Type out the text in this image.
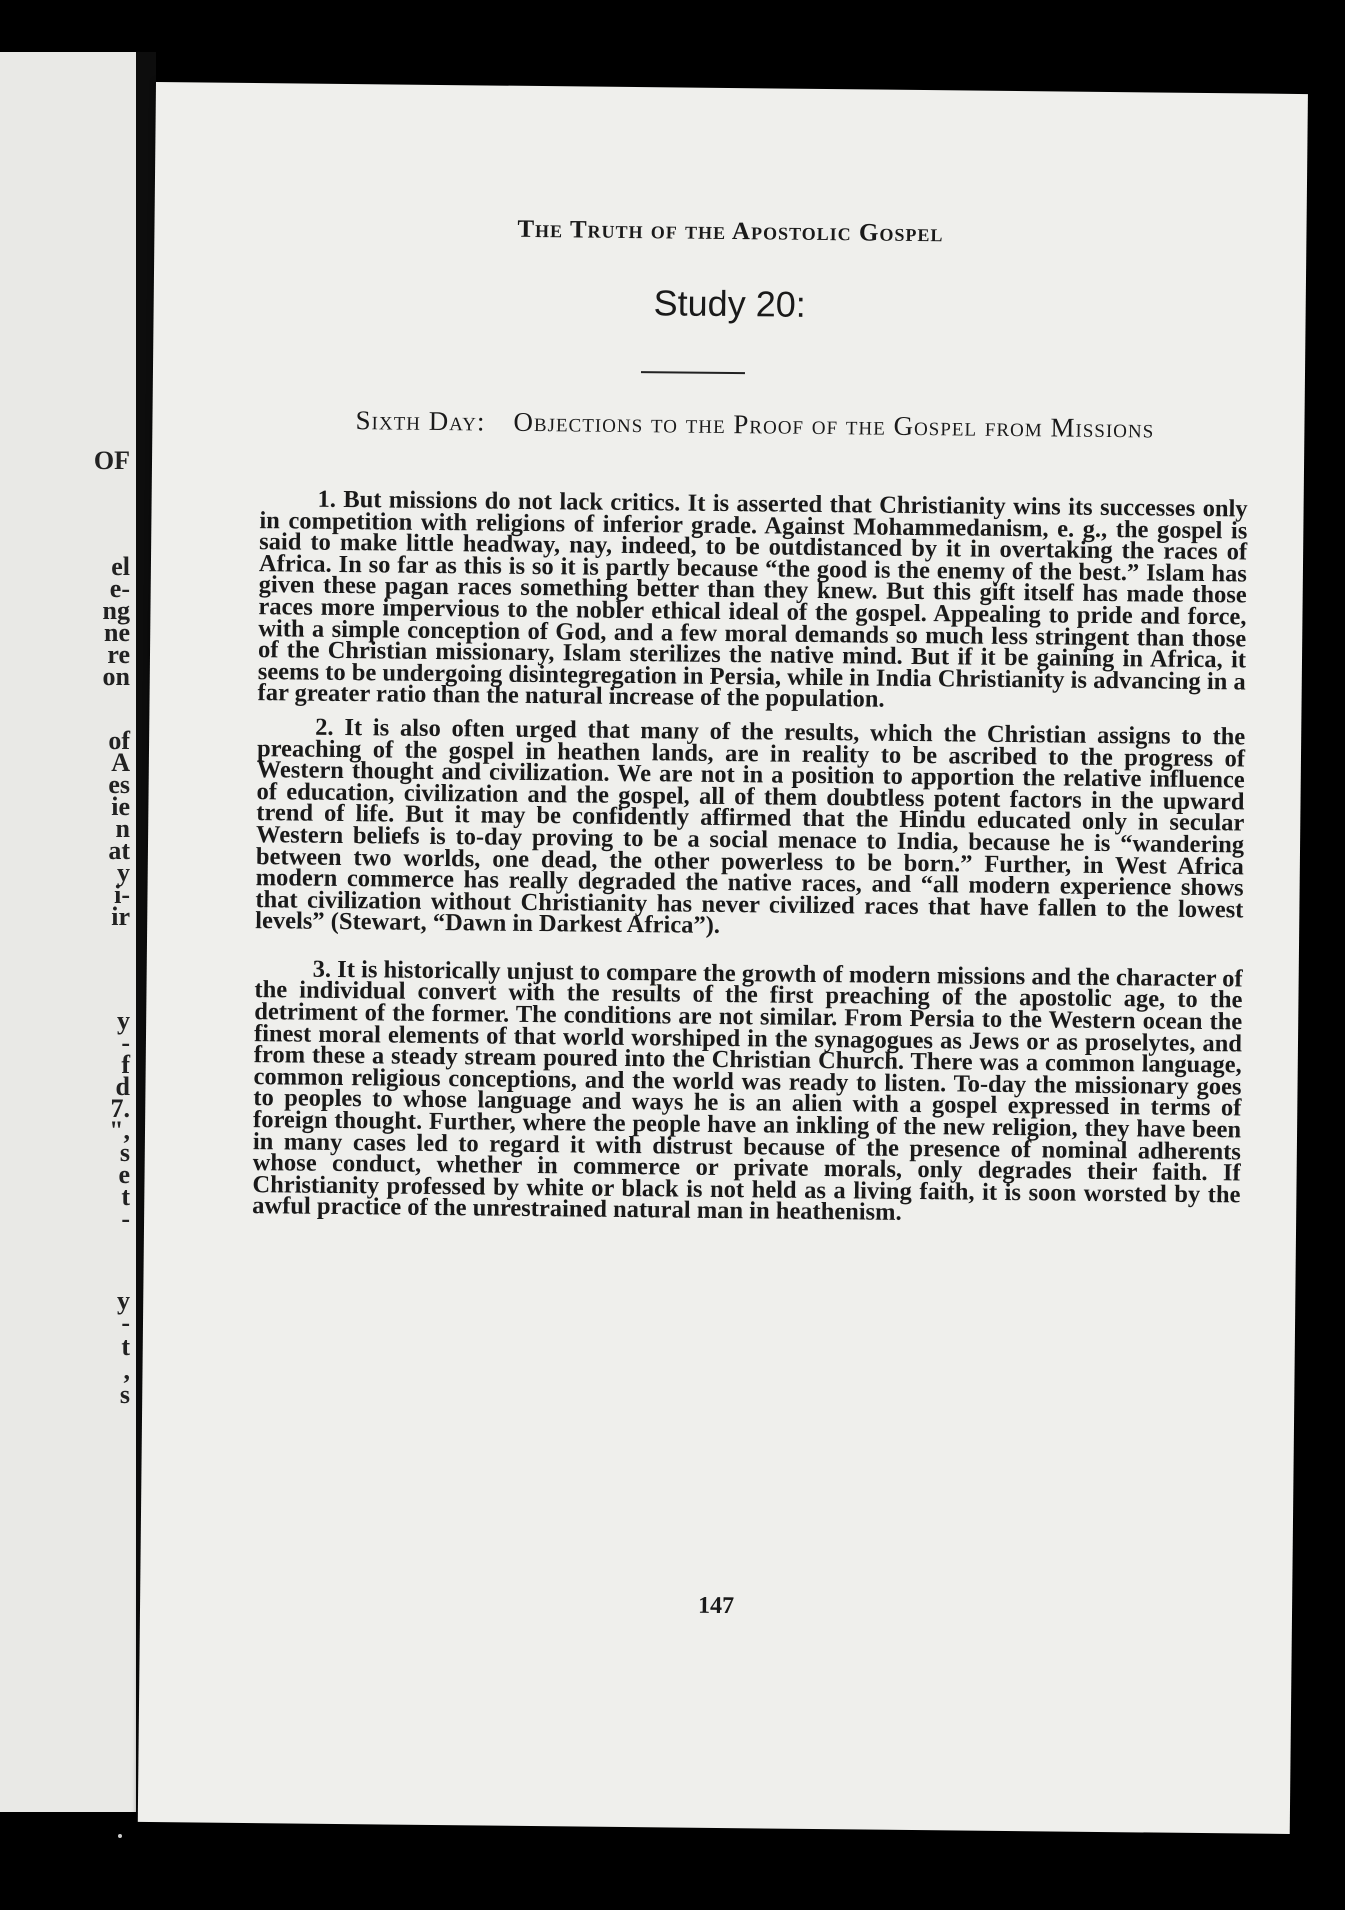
OF
el
e-
ng
ne
re
on
of
A
es
ie
n
at
y
i-
ir
y
-
f
d
7.
",
s
e
t
-
y
-
t
,
s
The Truth of the Apostolic Gospel
Study 20:
Sixth Day: Objections to the Proof of the Gospel from Missions

1. But missions do not lack critics. It is asserted that Christianity wins its successes only in competition with religions of inferior grade. Against Mohammedanism, e. g., the gospel is said to make little headway, nay, indeed, to be outdistanced by it in overtaking the races of Africa. In so far as this is so it is partly because “the good is the enemy of the best.” Islam has given these pagan races something better than they knew. But this gift itself has made those races more impervious to the nobler ethical ideal of the gospel. Appealing to pride and force, with a simple conception of God, and a few moral demands so much less stringent than those of the Christian missionary, Islam sterilizes the native mind. But if it be gaining in Africa, it seems to be undergoing disintegregation in Persia, while in India Christianity is advancing in a far greater ratio than the natural increase of the population.

2. It is also often urged that many of the results, which the Christian assigns to the preaching of the gospel in heathen lands, are in reality to be ascribed to the progress of Western thought and civilization. We are not in a position to apportion the relative influence of education, civilization and the gospel, all of them doubtless potent factors in the upward trend of life. But it may be confidently affirmed that the Hindu educated only in secular Western beliefs is to-day proving to be a social menace to India, because he is “wandering between two worlds, one dead, the other powerless to be born.” Further, in West Africa modern commerce has really degraded the native races, and “all modern experience shows that civilization without Christianity has never civilized races that have fallen to the lowest levels” (Stewart, “Dawn in Darkest Africa”).

3. It is historically unjust to compare the growth of modern missions and the character of the individual convert with the results of the first preaching of the apostolic age, to the detriment of the former. The conditions are not similar. From Persia to the Western ocean the finest moral elements of that world worshiped in the synagogues as Jews or as proselytes, and from these a steady stream poured into the Christian Church. There was a common language, common religious conceptions, and the world was ready to listen. To-day the missionary goes to peoples to whose language and ways he is an alien with a gospel expressed in terms of foreign thought. Further, where the people have an inkling of the new religion, they have been in many cases led to regard it with distrust because of the presence of nominal adherents whose conduct, whether in commerce or private morals, only degrades their faith. If Christianity professed by white or black is not held as a living faith, it is soon worsted by the awful practice of the unrestrained natural man in heathenism.

147
